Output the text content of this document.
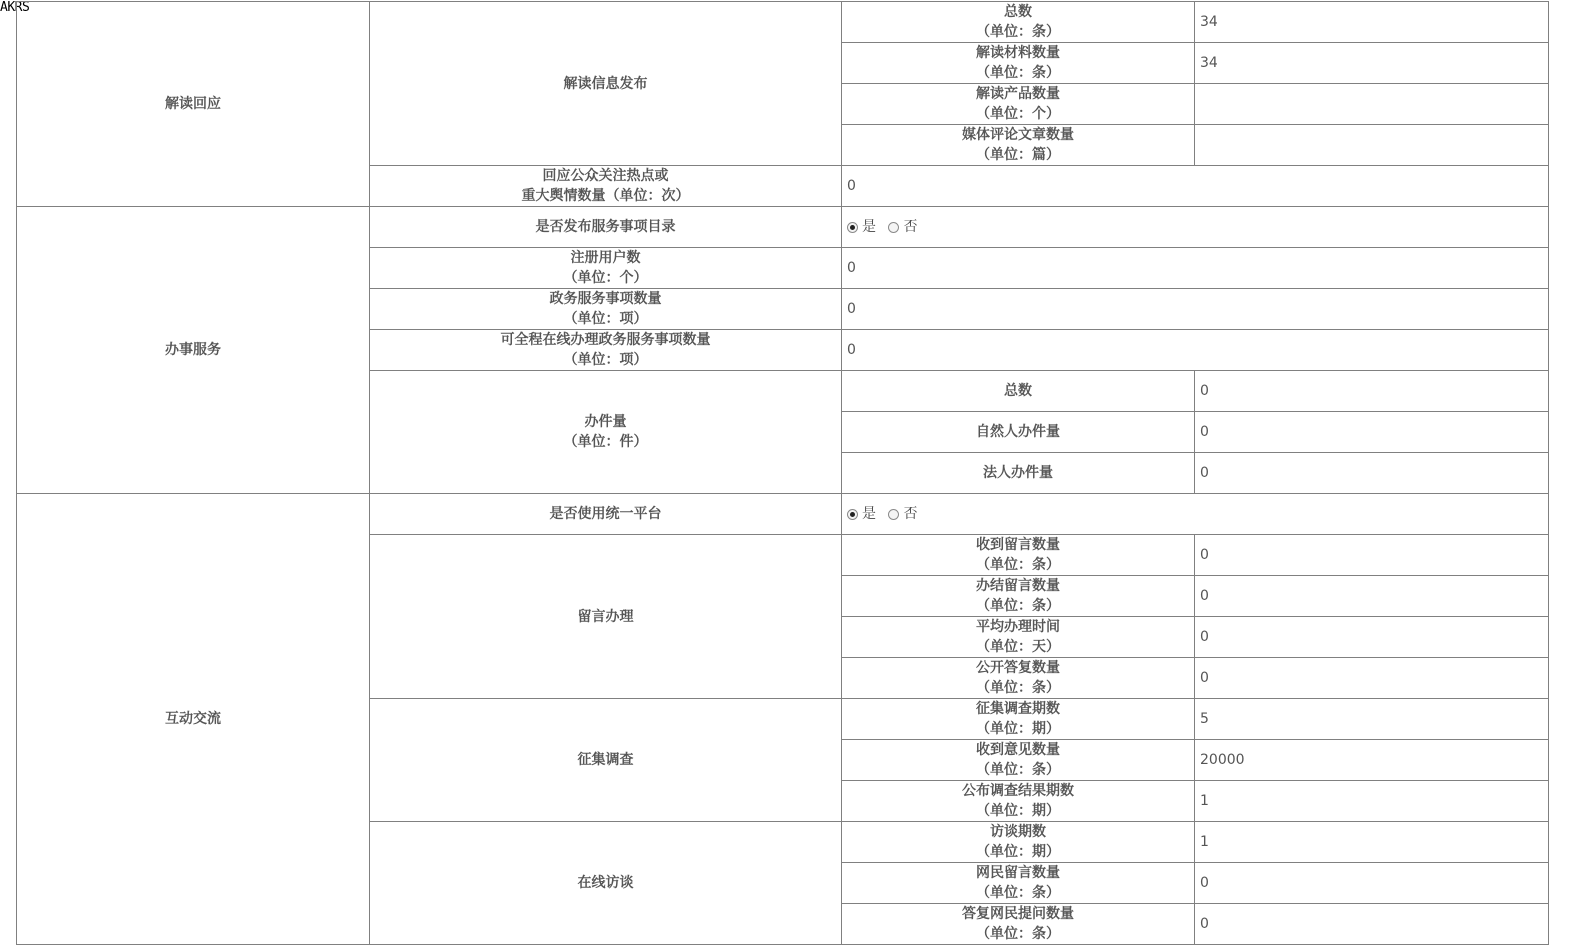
AKRS
解读回应	解读信息发布	总数
（单位：条）	34
		解读材料数量
（单位：条）	34
		解读产品数量
（单位：个）	

		媒体评论文章数量
（单位：篇）	

	回应公众关注热点或
重大舆情数量（单位：次）	0	
办事服务	是否发布服务事项目录	是 否	
	注册用户数
（单位：个）	0	
	政务服务事项数量
（单位：项）	0	
	可全程在线办理政务服务事项数量
（单位：项）	0	
	办件量
（单位：件）	总数	0
		自然人办件量	0
		法人办件量	0
互动交流	是否使用统一平台	是 否	
	留言办理	收到留言数量
（单位：条）	0
		办结留言数量
（单位：条）	0
		平均办理时间
（单位：天）	0
		公开答复数量
（单位：条）	0
	征集调查	征集调查期数
（单位：期）	5
		收到意见数量
（单位：条）	20000
		公布调查结果期数
（单位：期）	1
	在线访谈	访谈期数
（单位：期）	1
		网民留言数量
（单位：条）	0
		答复网民提问数量
（单位：条）	0
